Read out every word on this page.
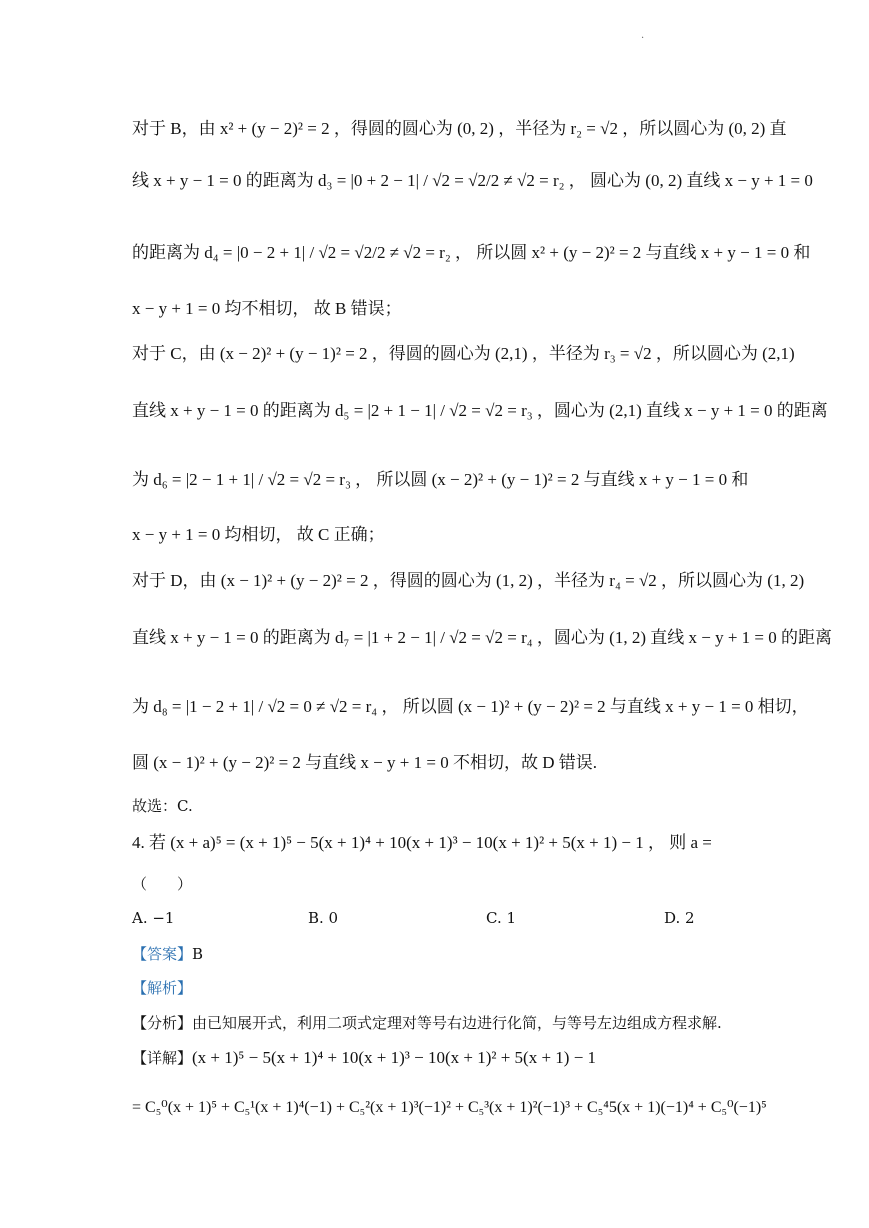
.
对于 B，由 x² + (y − 2)² = 2 ，得圆的圆心为 (0, 2) ，半径为 r₂ = √2 ，所以圆心为 (0, 2) 直
线 x + y − 1 = 0 的距离为 d₃ = |0 + 2 − 1| / √2 = √2/2 ≠ √2 = r₂ ， 圆心为 (0, 2) 直线 x − y + 1 = 0
的距离为 d₄ = |0 − 2 + 1| / √2 = √2/2 ≠ √2 = r₂ ， 所以圆 x² + (y − 2)² = 2 与直线 x + y − 1 = 0 和
x − y + 1 = 0 均不相切， 故 B 错误；
对于 C，由 (x − 2)² + (y − 1)² = 2 ，得圆的圆心为 (2,1) ，半径为 r₃ = √2 ，所以圆心为 (2,1)
直线 x + y − 1 = 0 的距离为 d₅ = |2 + 1 − 1| / √2 = √2 = r₃ ，圆心为 (2,1) 直线 x − y + 1 = 0 的距离
为 d₆ = |2 − 1 + 1| / √2 = √2 = r₃ ， 所以圆 (x − 2)² + (y − 1)² = 2 与直线 x + y − 1 = 0 和
x − y + 1 = 0 均相切， 故 C 正确；
对于 D，由 (x − 1)² + (y − 2)² = 2 ，得圆的圆心为 (1, 2) ，半径为 r₄ = √2 ，所以圆心为 (1, 2)
直线 x + y − 1 = 0 的距离为 d₇ = |1 + 2 − 1| / √2 = √2 = r₄ ，圆心为 (1, 2) 直线 x − y + 1 = 0 的距离
为 d₈ = |1 − 2 + 1| / √2 = 0 ≠ √2 = r₄ ， 所以圆 (x − 1)² + (y − 2)² = 2 与直线 x + y − 1 = 0 相切，
圆 (x − 1)² + (y − 2)² = 2 与直线 x − y + 1 = 0 不相切，故 D 错误.
故选：C.
4. 若 (x + a)⁵ = (x + 1)⁵ − 5(x + 1)⁴ + 10(x + 1)³ − 10(x + 1)² + 5(x + 1) − 1 ， 则 a =
（　　）
A. −1	B. 0	C. 1	D. 2
【答案】B
【解析】
【分析】由已知展开式，利用二项式定理对等号右边进行化简，与等号左边组成方程求解.
【详解】(x + 1)⁵ − 5(x + 1)⁴ + 10(x + 1)³ − 10(x + 1)² + 5(x + 1) − 1
= C₅⁰(x + 1)⁵ + C₅¹(x + 1)⁴(−1) + C₅²(x + 1)³(−1)² + C₅³(x + 1)²(−1)³ + C₅⁴5(x + 1)(−1)⁴ + C₅⁰(−1)⁵
